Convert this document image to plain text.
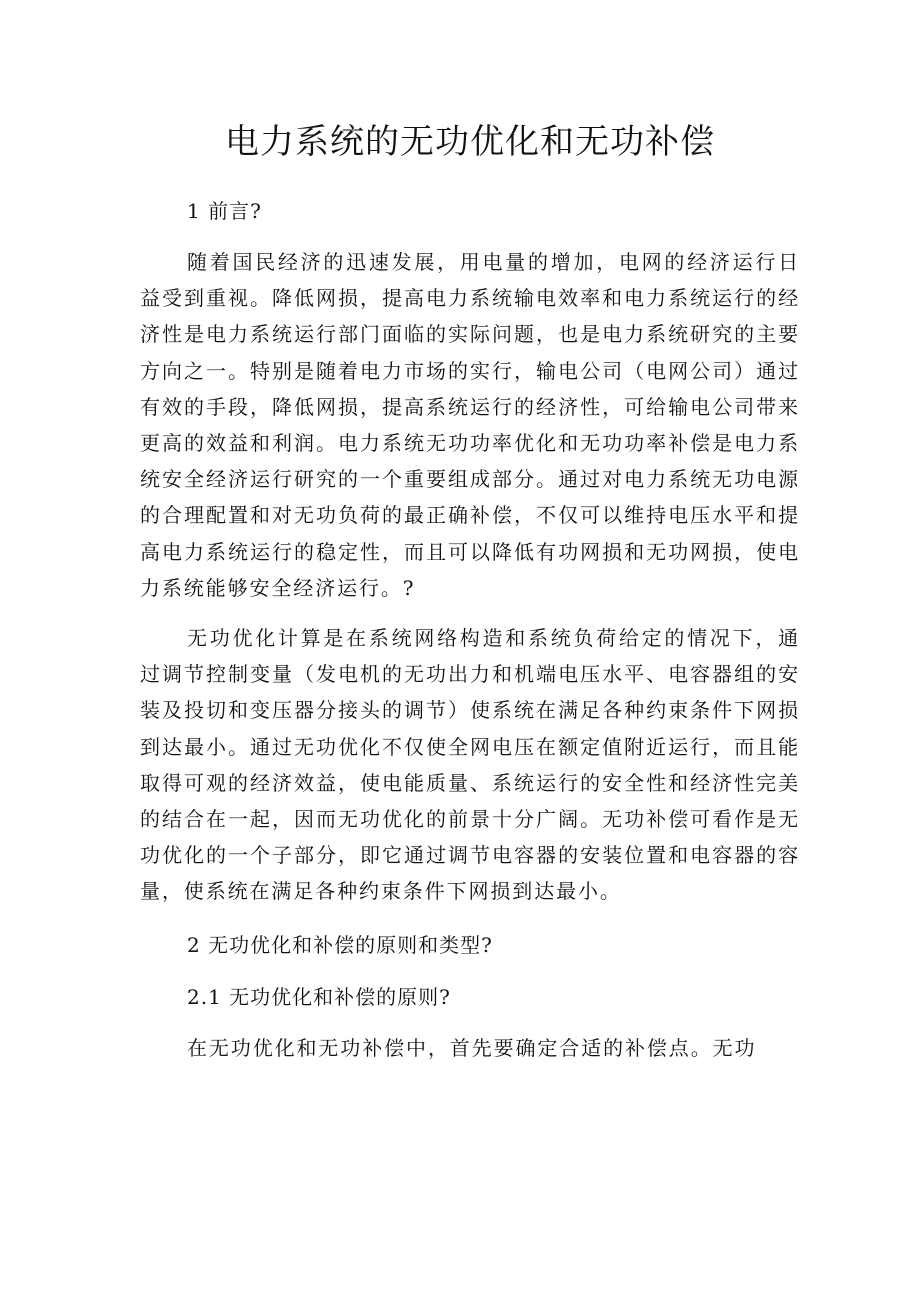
电力系统的无功优化和无功补偿

1 前言?

随着国民经济的迅速发展，用电量的增加，电网的经济运行日益受到重视。降低网损，提高电力系统输电效率和电力系统运行的经济性是电力系统运行部门面临的实际问题，也是电力系统研究的主要方向之一。特别是随着电力市场的实行，输电公司（电网公司）通过有效的手段，降低网损，提高系统运行的经济性，可给输电公司带来更高的效益和利润。电力系统无功功率优化和无功功率补偿是电力系统安全经济运行研究的一个重要组成部分。通过对电力系统无功电源的合理配置和对无功负荷的最正确补偿，不仅可以维持电压水平和提高电力系统运行的稳定性，而且可以降低有功网损和无功网损，使电力系统能够安全经济运行。?

无功优化计算是在系统网络构造和系统负荷给定的情况下，通过调节控制变量（发电机的无功出力和机端电压水平、电容器组的安装及投切和变压器分接头的调节）使系统在满足各种约束条件下网损到达最小。通过无功优化不仅使全网电压在额定值附近运行，而且能取得可观的经济效益，使电能质量、系统运行的安全性和经济性完美的结合在一起，因而无功优化的前景十分广阔。无功补偿可看作是无功优化的一个子部分，即它通过调节电容器的安装位置和电容器的容量，使系统在满足各种约束条件下网损到达最小。

2 无功优化和补偿的原则和类型?

2.1 无功优化和补偿的原则?

在无功优化和无功补偿中，首先要确定合适的补偿点。无功
